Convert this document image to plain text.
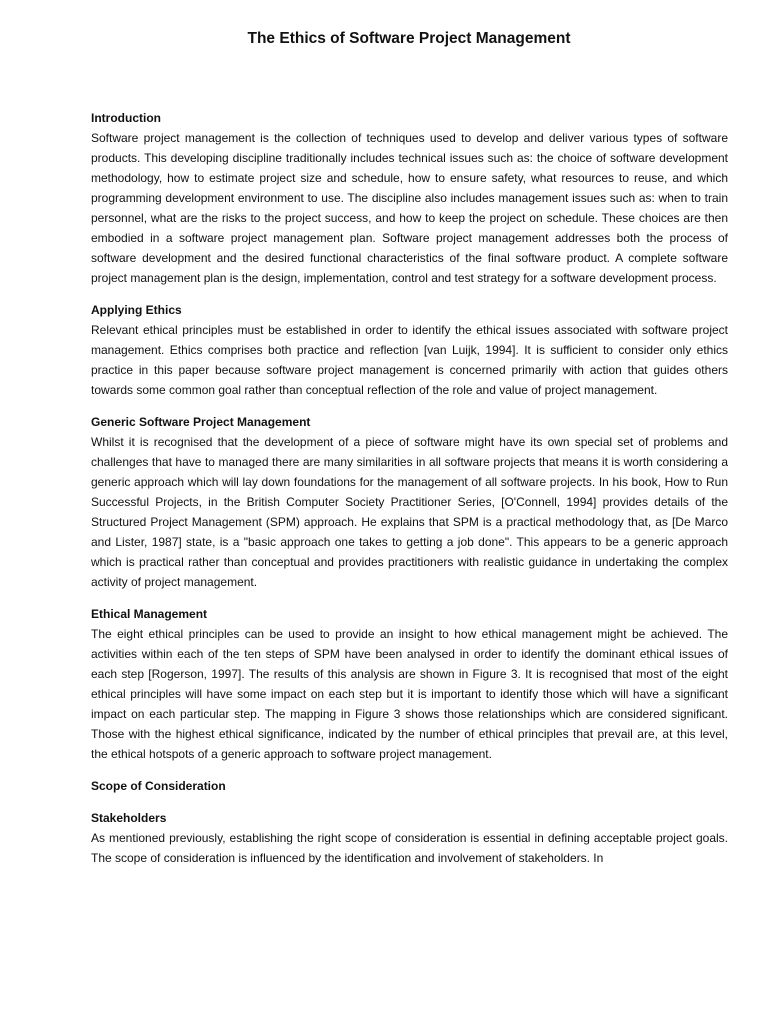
The Ethics of Software Project Management

Introduction

Software project management is the collection of techniques used to develop and deliver various types of software products. This developing discipline traditionally includes technical issues such as: the choice of software development methodology, how to estimate project size and schedule, how to ensure safety, what resources to reuse, and which programming development environment to use. The discipline also includes management issues such as: when to train personnel, what are the risks to the project success, and how to keep the project on schedule. These choices are then embodied in a software project management plan. Software project management addresses both the process of software development and the desired functional characteristics of the final software product. A complete software project management plan is the design, implementation, control and test strategy for a software development process.

Applying Ethics

Relevant ethical principles must be established in order to identify the ethical issues associated with software project management. Ethics comprises both practice and reflection [van Luijk, 1994]. It is sufficient to consider only ethics practice in this paper because software project management is concerned primarily with action that guides others towards some common goal rather than conceptual reflection of the role and value of project management.

Generic Software Project Management

Whilst it is recognised that the development of a piece of software might have its own special set of problems and challenges that have to managed there are many similarities in all software projects that means it is worth considering a generic approach which will lay down foundations for the management of all software projects. In his book, How to Run Successful Projects, in the British Computer Society Practitioner Series, [O'Connell, 1994] provides details of the Structured Project Management (SPM) approach. He explains that SPM is a practical methodology that, as [De Marco and Lister, 1987] state, is a "basic approach one takes to getting a job done". This appears to be a generic approach which is practical rather than conceptual and provides practitioners with realistic guidance in undertaking the complex activity of project management.

Ethical Management

The eight ethical principles can be used to provide an insight to how ethical management might be achieved. The activities within each of the ten steps of SPM have been analysed in order to identify the dominant ethical issues of each step [Rogerson, 1997]. The results of this analysis are shown in Figure 3. It is recognised that most of the eight ethical principles will have some impact on each step but it is important to identify those which will have a significant impact on each particular step. The mapping in Figure 3 shows those relationships which are considered significant. Those with the highest ethical significance, indicated by the number of ethical principles that prevail are, at this level, the ethical hotspots of a generic approach to software project management.

Scope of Consideration

Stakeholders

As mentioned previously, establishing the right scope of consideration is essential in defining acceptable project goals. The scope of consideration is influenced by the identification and involvement of stakeholders. In
